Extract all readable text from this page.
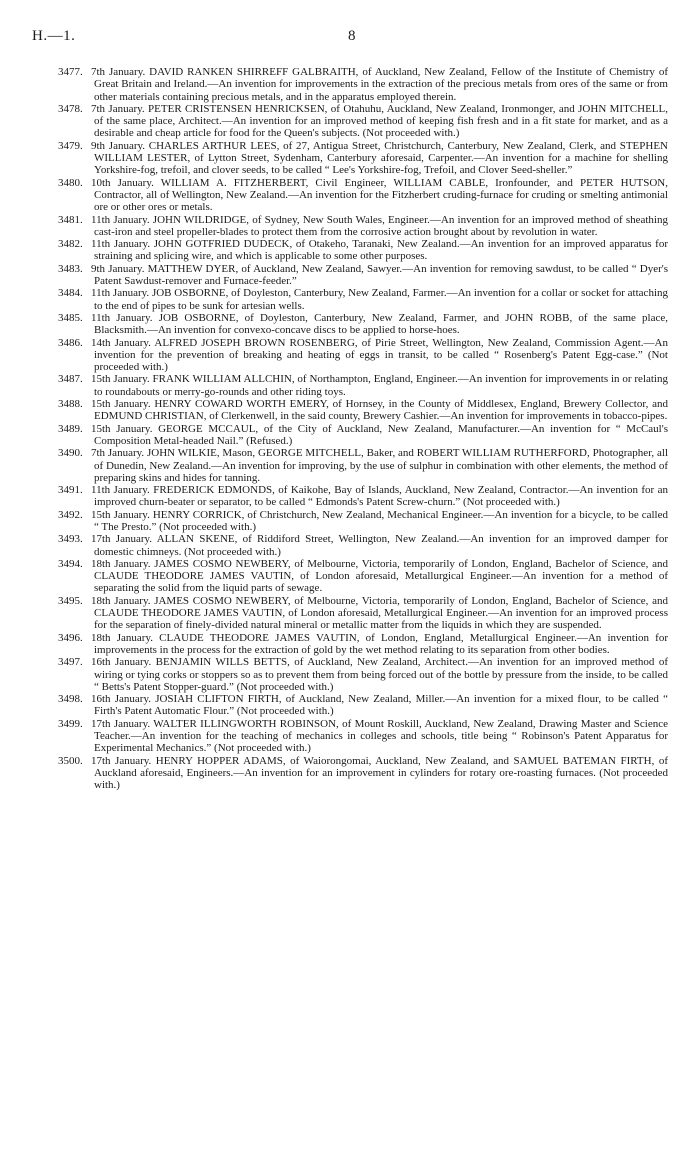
H.—1.	8

3477. 7th January. DAVID RANKEN SHIRREFF GALBRAITH, of Auckland, New Zealand, Fellow of the Institute of Chemistry of Great Britain and Ireland.—An invention for improvements in the extraction of the precious metals from ores of the same or from other materials containing precious metals, and in the apparatus employed therein.

3478. 7th January. PETER CRISTENSEN HENRICKSEN, of Otahuhu, Auckland, New Zealand, Ironmonger, and JOHN MITCHELL, of the same place, Architect.—An invention for an improved method of keeping fish fresh and in a fit state for market, and as a desirable and cheap article for food for the Queen's subjects. (Not proceeded with.)

3479. 9th January. CHARLES ARTHUR LEES, of 27, Antigua Street, Christchurch, Canterbury, New Zealand, Clerk, and STEPHEN WILLIAM LESTER, of Lytton Street, Sydenham, Canterbury aforesaid, Carpenter.—An invention for a machine for shelling Yorkshire-fog, trefoil, and clover seeds, to be called “ Lee's Yorkshire-fog, Trefoil, and Clover Seed-sheller.”

3480. 10th January. WILLIAM A. FITZHERBERT, Civil Engineer, WILLIAM CABLE, Ironfounder, and PETER HUTSON, Contractor, all of Wellington, New Zealand.—An invention for the Fitzherbert cruding-furnace for cruding or smelting antimonial ore or other ores or metals.

3481. 11th January. JOHN WILDRIDGE, of Sydney, New South Wales, Engineer.—An invention for an improved method of sheathing cast-iron and steel propeller-blades to protect them from the corrosive action brought about by revolution in water.

3482. 11th January. JOHN GOTFRIED DUDECK, of Otakeho, Taranaki, New Zealand.—An invention for an improved apparatus for straining and splicing wire, and which is applicable to some other purposes.

3483. 9th January. MATTHEW DYER, of Auckland, New Zealand, Sawyer.—An invention for removing sawdust, to be called “ Dyer's Patent Sawdust-remover and Furnace-feeder.”

3484. 11th January. JOB OSBORNE, of Doyleston, Canterbury, New Zealand, Farmer.—An invention for a collar or socket for attaching to the end of pipes to be sunk for artesian wells.

3485. 11th January. JOB OSBORNE, of Doyleston, Canterbury, New Zealand, Farmer, and JOHN ROBB, of the same place, Blacksmith.—An invention for convexo-concave discs to be applied to horse-hoes.

3486. 14th January. ALFRED JOSEPH BROWN ROSENBERG, of Pirie Street, Wellington, New Zealand, Commission Agent.—An invention for the prevention of breaking and heating of eggs in transit, to be called “ Rosenberg's Patent Egg-case.” (Not proceeded with.)

3487. 15th January. FRANK WILLIAM ALLCHIN, of Northampton, England, Engineer.—An invention for improvements in or relating to roundabouts or merry-go-rounds and other riding toys.

3488. 15th January. HENRY COWARD WORTH EMERY, of Hornsey, in the County of Middlesex, England, Brewery Collector, and EDMUND CHRISTIAN, of Clerkenwell, in the said county, Brewery Cashier.—An invention for improvements in tobacco-pipes.

3489. 15th January. GEORGE MCCAUL, of the City of Auckland, New Zealand, Manufacturer.—An invention for “ McCaul's Composition Metal-headed Nail.” (Refused.)

3490. 7th January. JOHN WILKIE, Mason, GEORGE MITCHELL, Baker, and ROBERT WILLIAM RUTHERFORD, Photographer, all of Dunedin, New Zealand.—An invention for improving, by the use of sulphur in combination with other elements, the method of preparing skins and hides for tanning.

3491. 11th January. FREDERICK EDMONDS, of Kaikohe, Bay of Islands, Auckland, New Zealand, Contractor.—An invention for an improved churn-beater or separator, to be called “ Edmonds's Patent Screw-churn.” (Not proceeded with.)

3492. 15th January. HENRY CORRICK, of Christchurch, New Zealand, Mechanical Engineer.—An invention for a bicycle, to be called “ The Presto.” (Not proceeded with.)

3493. 17th January. ALLAN SKENE, of Riddiford Street, Wellington, New Zealand.—An invention for an improved damper for domestic chimneys. (Not proceeded with.)

3494. 18th January. JAMES COSMO NEWBERY, of Melbourne, Victoria, temporarily of London, England, Bachelor of Science, and CLAUDE THEODORE JAMES VAUTIN, of London aforesaid, Metallurgical Engineer.—An invention for a method of separating the solid from the liquid parts of sewage.

3495. 18th January. JAMES COSMO NEWBERY, of Melbourne, Victoria, temporarily of London, England, Bachelor of Science, and CLAUDE THEODORE JAMES VAUTIN, of London aforesaid, Metallurgical Engineer.—An invention for an improved process for the separation of finely-divided natural mineral or metallic matter from the liquids in which they are suspended.

3496. 18th January. CLAUDE THEODORE JAMES VAUTIN, of London, England, Metallurgical Engineer.—An invention for improvements in the process for the extraction of gold by the wet method relating to its separation from other bodies.

3497. 16th January. BENJAMIN WILLS BETTS, of Auckland, New Zealand, Architect.—An invention for an improved method of wiring or tying corks or stoppers so as to prevent them from being forced out of the bottle by pressure from the inside, to be called “ Betts's Patent Stopper-guard.” (Not proceeded with.)

3498. 16th January. JOSIAH CLIFTON FIRTH, of Auckland, New Zealand, Miller.—An invention for a mixed flour, to be called “ Firth's Patent Automatic Flour.” (Not proceeded with.)

3499. 17th January. WALTER ILLINGWORTH ROBINSON, of Mount Roskill, Auckland, New Zealand, Drawing Master and Science Teacher.—An invention for the teaching of mechanics in colleges and schools, title being “ Robinson's Patent Apparatus for Experimental Mechanics.” (Not proceeded with.)

3500. 17th January. HENRY HOPPER ADAMS, of Waiorongomai, Auckland, New Zealand, and SAMUEL BATEMAN FIRTH, of Auckland aforesaid, Engineers.—An invention for an improvement in cylinders for rotary ore-roasting furnaces. (Not proceeded with.)
